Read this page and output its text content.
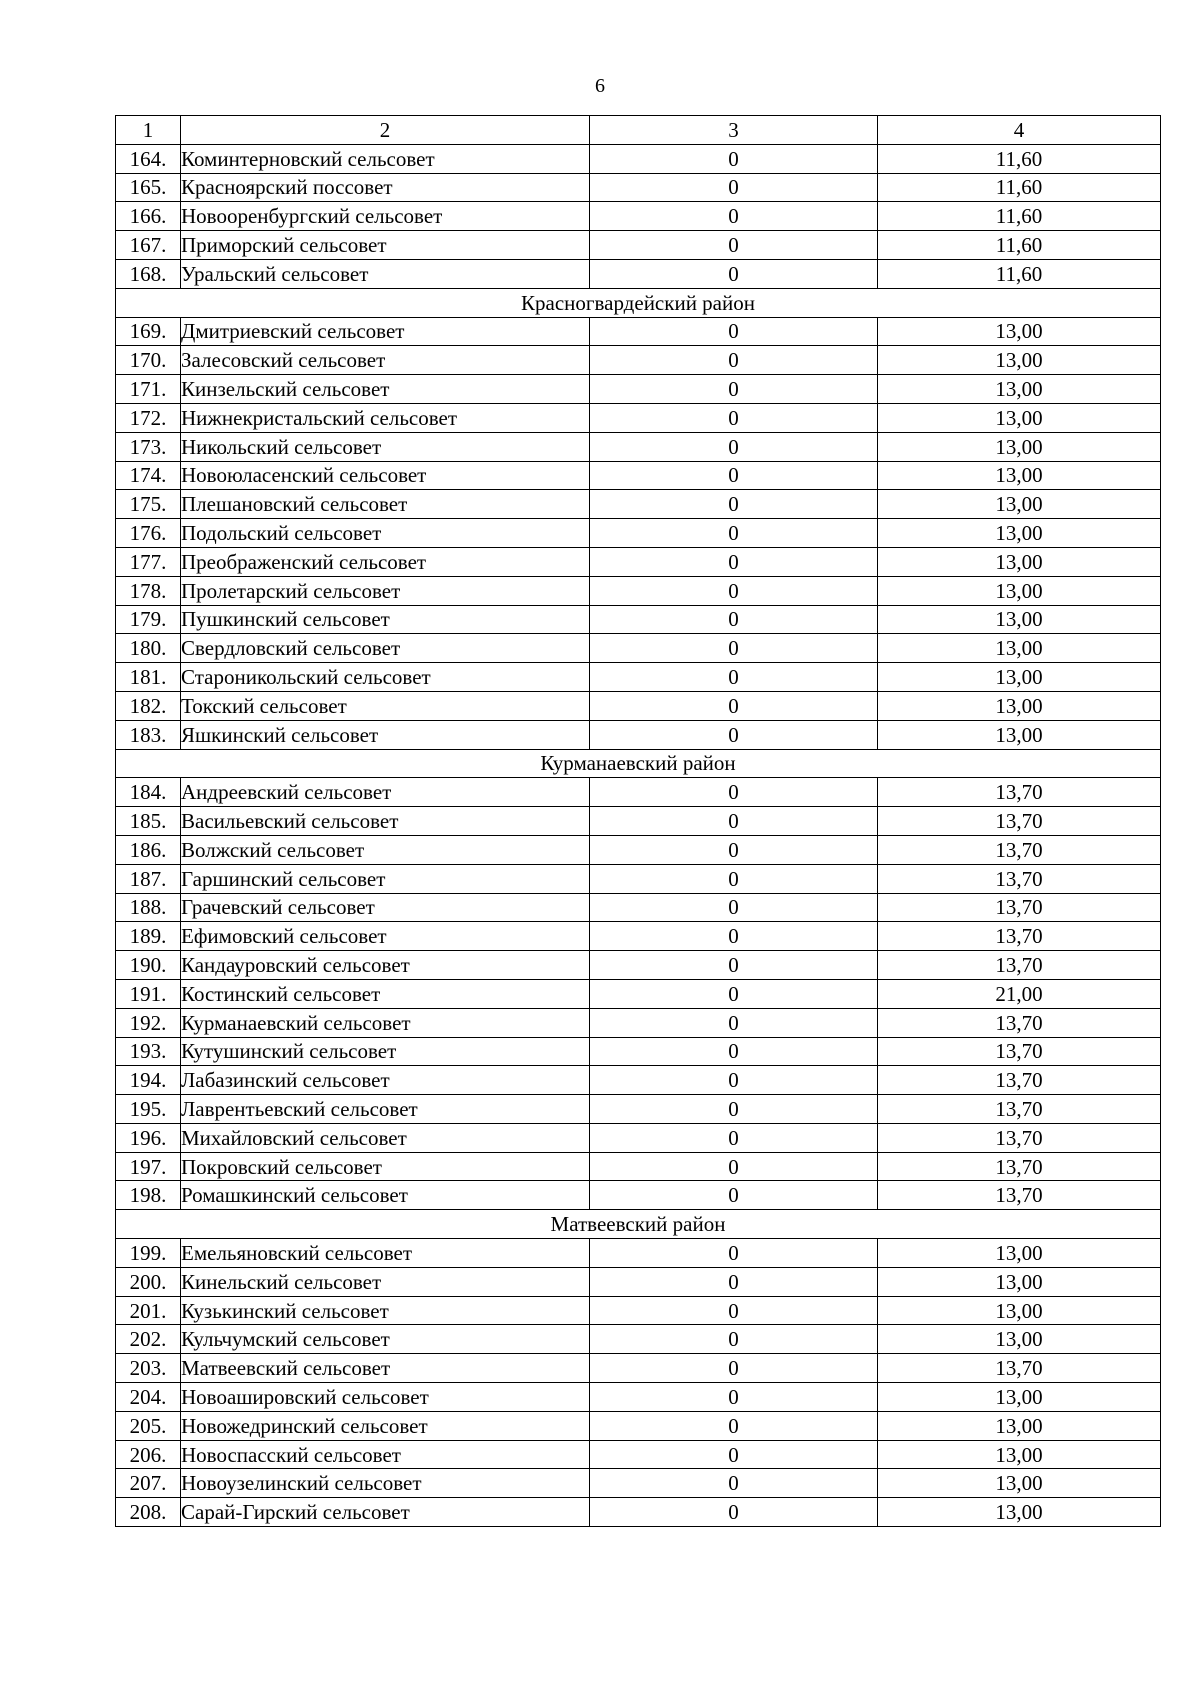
6
1	2	3	4
164.	Коминтерновский сельсовет	0	11,60
165.	Красноярский поссовет	0	11,60
166.	Новооренбургский сельсовет	0	11,60
167.	Приморский сельсовет	0	11,60
168.	Уральский сельсовет	0	11,60
Красногвардейский район			
169.	Дмитриевский сельсовет	0	13,00
170.	Залесовский сельсовет	0	13,00
171.	Кинзельский сельсовет	0	13,00
172.	Нижнекристальский сельсовет	0	13,00
173.	Никольский сельсовет	0	13,00
174.	Новоюласенский сельсовет	0	13,00
175.	Плешановский сельсовет	0	13,00
176.	Подольский сельсовет	0	13,00
177.	Преображенский сельсовет	0	13,00
178.	Пролетарский сельсовет	0	13,00
179.	Пушкинский сельсовет	0	13,00
180.	Свердловский сельсовет	0	13,00
181.	Староникольский сельсовет	0	13,00
182.	Токский сельсовет	0	13,00
183.	Яшкинский сельсовет	0	13,00
Курманаевский район			
184.	Андреевский сельсовет	0	13,70
185.	Васильевский сельсовет	0	13,70
186.	Волжский сельсовет	0	13,70
187.	Гаршинский сельсовет	0	13,70
188.	Грачевский сельсовет	0	13,70
189.	Ефимовский сельсовет	0	13,70
190.	Кандауровский сельсовет	0	13,70
191.	Костинский сельсовет	0	21,00
192.	Курманаевский сельсовет	0	13,70
193.	Кутушинский сельсовет	0	13,70
194.	Лабазинский сельсовет	0	13,70
195.	Лаврентьевский сельсовет	0	13,70
196.	Михайловский сельсовет	0	13,70
197.	Покровский сельсовет	0	13,70
198.	Ромашкинский сельсовет	0	13,70
Матвеевский район			
199.	Емельяновский сельсовет	0	13,00
200.	Кинельский сельсовет	0	13,00
201.	Кузькинский сельсовет	0	13,00
202.	Кульчумский сельсовет	0	13,00
203.	Матвеевский сельсовет	0	13,70
204.	Новоашировский сельсовет	0	13,00
205.	Новожедринский сельсовет	0	13,00
206.	Новоспасский сельсовет	0	13,00
207.	Новоузелинский сельсовет	0	13,00
208.	Сарай-Гирский сельсовет	0	13,00
